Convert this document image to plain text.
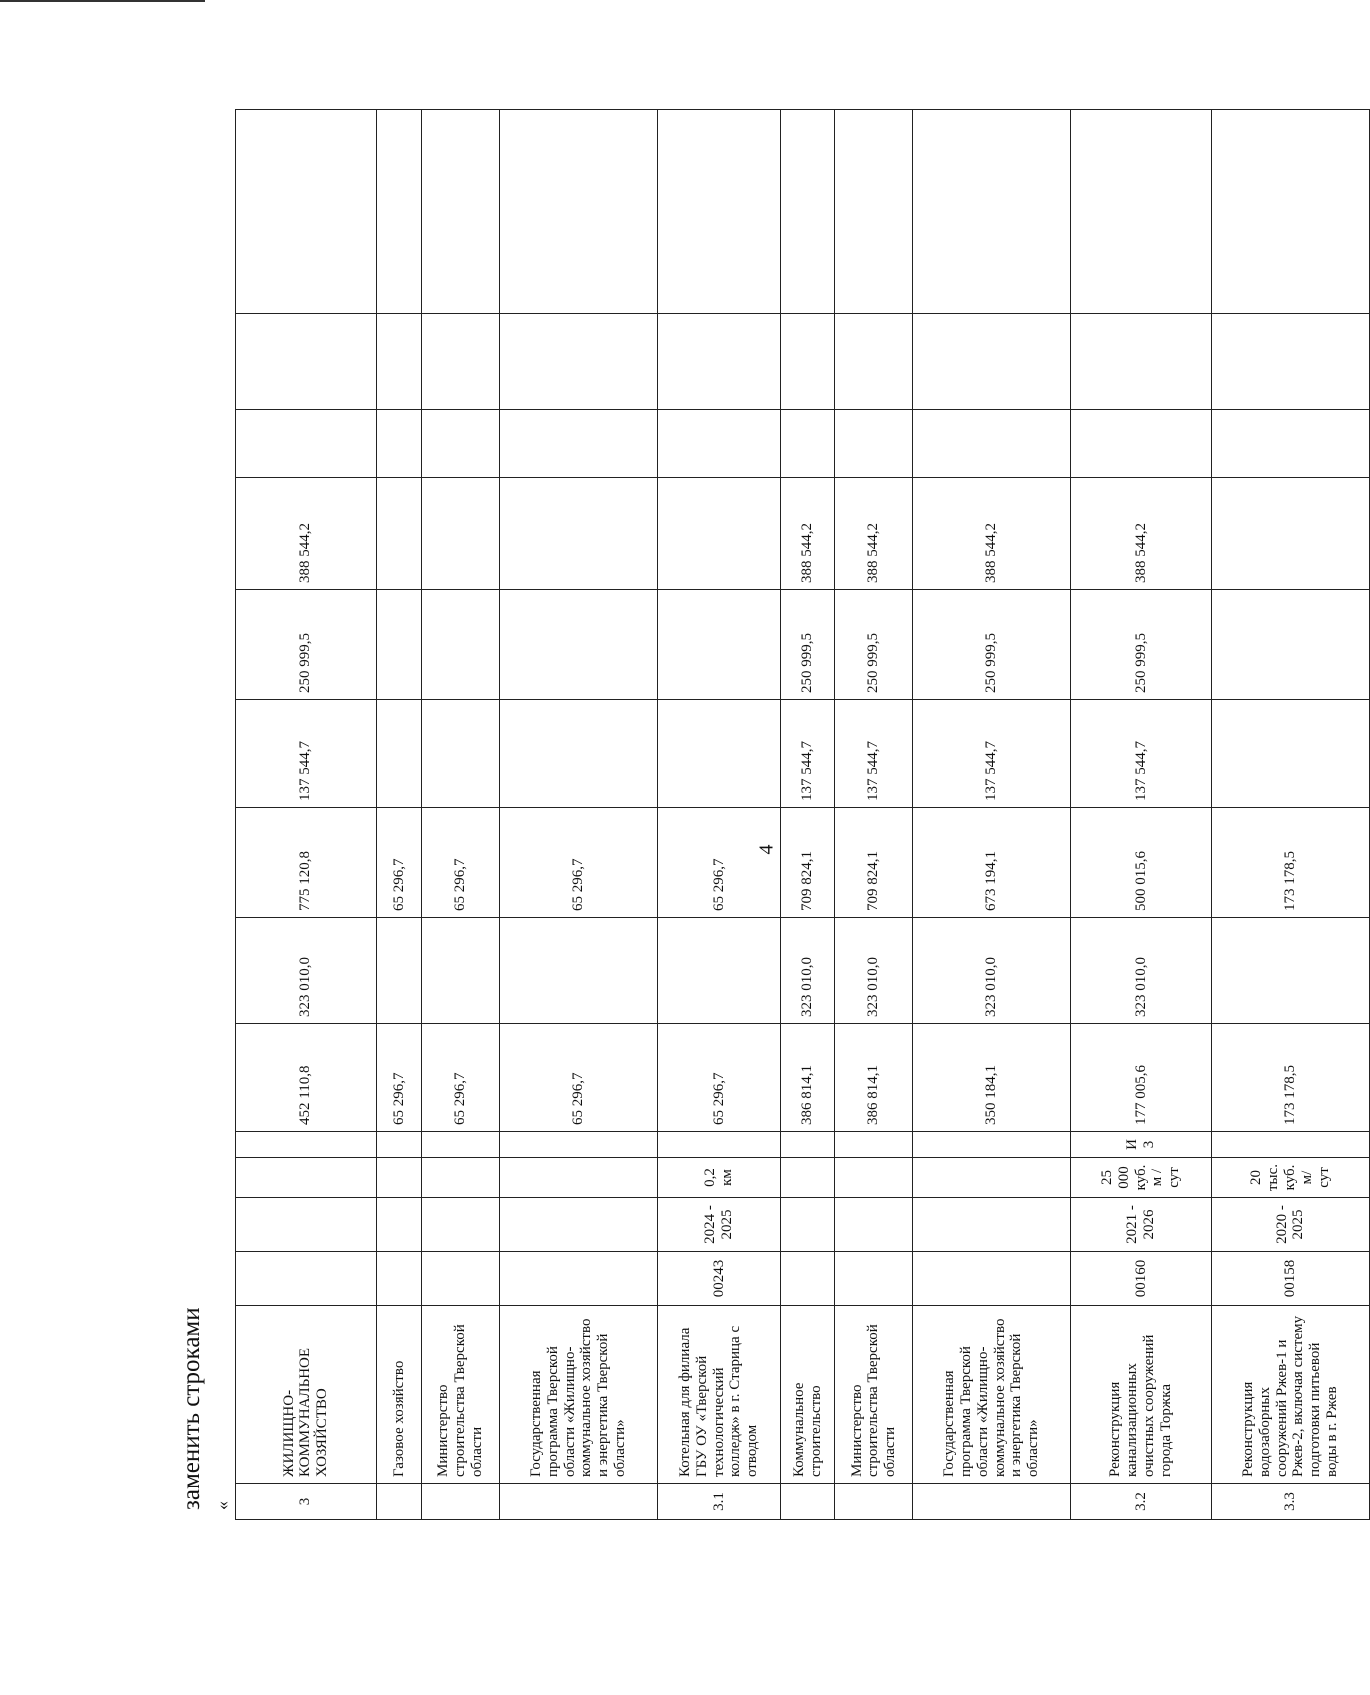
4
заменить строками «	3	ЖИЛИЩНО-КОММУНАЛЬНОЕ ХОЗЯЙСТВО					452 110,8	323 010,0	775 120,8	137 544,7	250 999,5	388 544,2			
	Газовое хозяйство					65 296,7		65 296,7						
	Министерство строительства Тверской области					65 296,7		65 296,7						
	Государственная программа Тверской области «Жилищно-коммунальное хозяйство и энергетика Тверской области»					65 296,7		65 296,7						
3.1	Котельная для филиала ГБУ ОУ «Тверской технологический колледж» в г. Старица с отводом	00243	2024 - 2025	0,2 км		65 296,7		65 296,7						
	Коммунальное строительство					386 814,1	323 010,0	709 824,1	137 544,7	250 999,5	388 544,2			
	Министерство строительства Тверской области					386 814,1	323 010,0	709 824,1	137 544,7	250 999,5	388 544,2			
	Государственная программа Тверской области «Жилищно-коммунальное хозяйство и энергетика Тверской области»					350 184,1	323 010,0	673 194,1	137 544,7	250 999,5	388 544,2			
3.2	Реконструкция канализационных очистных сооружений города Торжка	00160	2021 - 2026	25 000 куб. м / сут	И 3	177 005,6	323 010,0	500 015,6	137 544,7	250 999,5	388 544,2			
3.3	Реконструкция водозаборных сооружений Ржев-1 и Ржев-2, включая систему подготовки питьевой воды в г. Ржев	00158	2020 - 2025	20 тыс. куб. м/ сут		173 178,5		173 178,5						
